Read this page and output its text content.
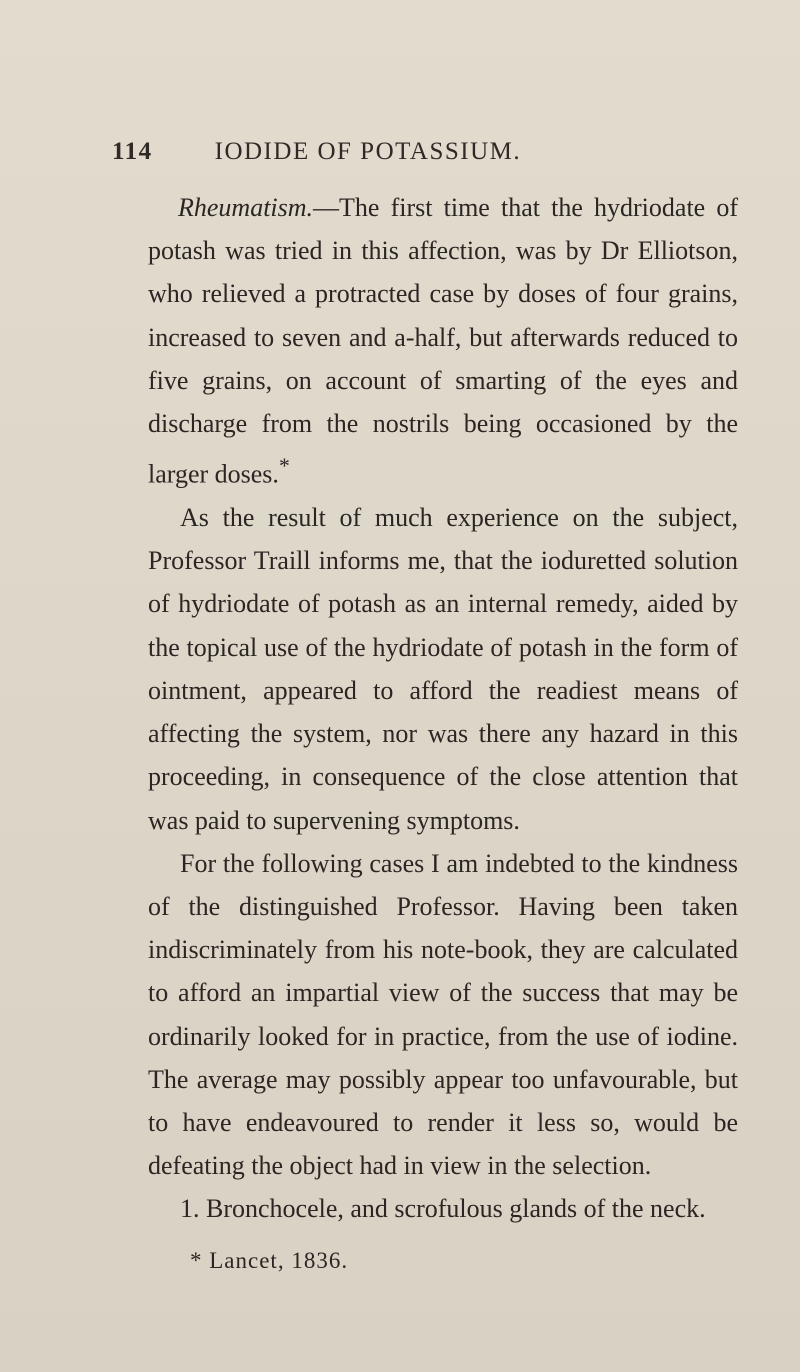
114 IODIDE OF POTASSIUM.

Rheumatism.—The first time that the hydriodate of potash was tried in this affection, was by Dr Elliotson, who relieved a protracted case by doses of four grains, increased to seven and a-half, but afterwards reduced to five grains, on account of smarting of the eyes and discharge from the nostrils being occasioned by the larger doses.*

As the result of much experience on the subject, Professor Traill informs me, that the ioduretted solution of hydriodate of potash as an internal remedy, aided by the topical use of the hydriodate of potash in the form of ointment, appeared to afford the readiest means of affecting the system, nor was there any hazard in this proceeding, in consequence of the close attention that was paid to supervening symptoms.

For the following cases I am indebted to the kindness of the distinguished Professor. Having been taken indiscriminately from his note-book, they are calculated to afford an impartial view of the success that may be ordinarily looked for in practice, from the use of iodine. The average may possibly appear too unfavourable, but to have endeavoured to render it less so, would be defeating the object had in view in the selection.

1. Bronchocele, and scrofulous glands of the neck.

* Lancet, 1836.
